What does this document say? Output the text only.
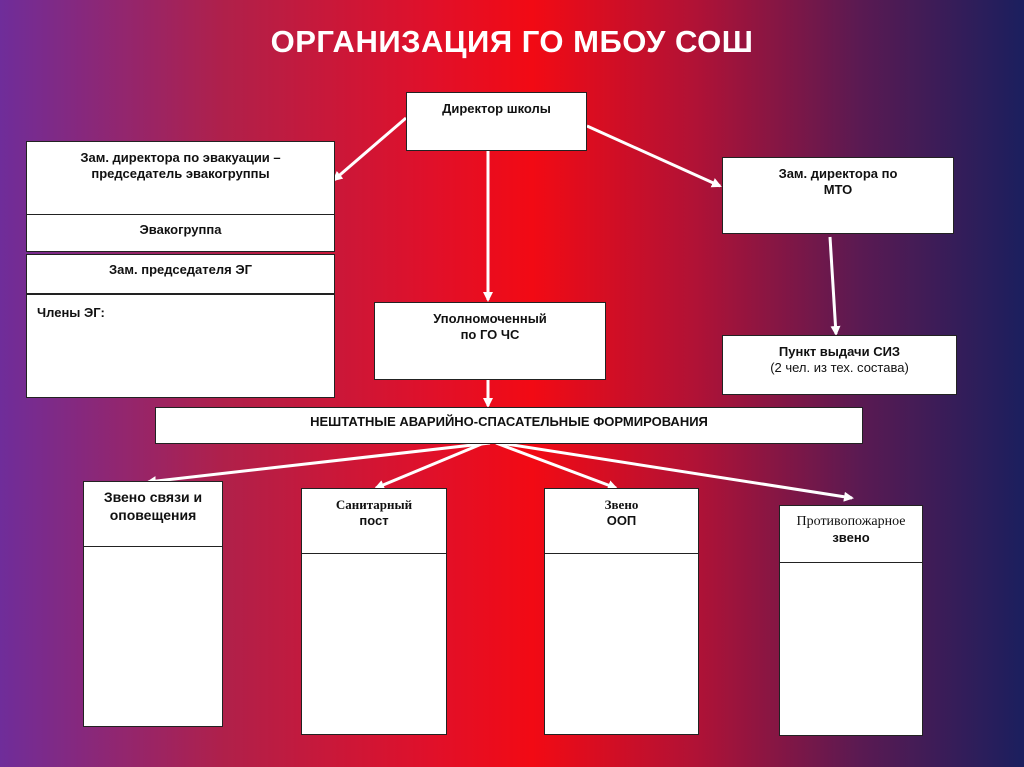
ОРГАНИЗАЦИЯ ГО МБОУ СОШ
Директор школы
Зам. директора по эвакуации –
председатель эвакогруппы
Эвакогруппа
Зам. председателя ЭГ
Члены ЭГ:	Уполномоченный
по ГО ЧС
Зам. директора по
МТО
Пункт выдачи СИЗ
(2 чел. из тех. состава)
НЕШТАТНЫЕ АВАРИЙНО-СПАСАТЕЛЬНЫЕ ФОРМИРОВАНИЯ
Звено связи и
оповещения
Санитарный
пост
Звено
ООП	Противопожарное
звено
